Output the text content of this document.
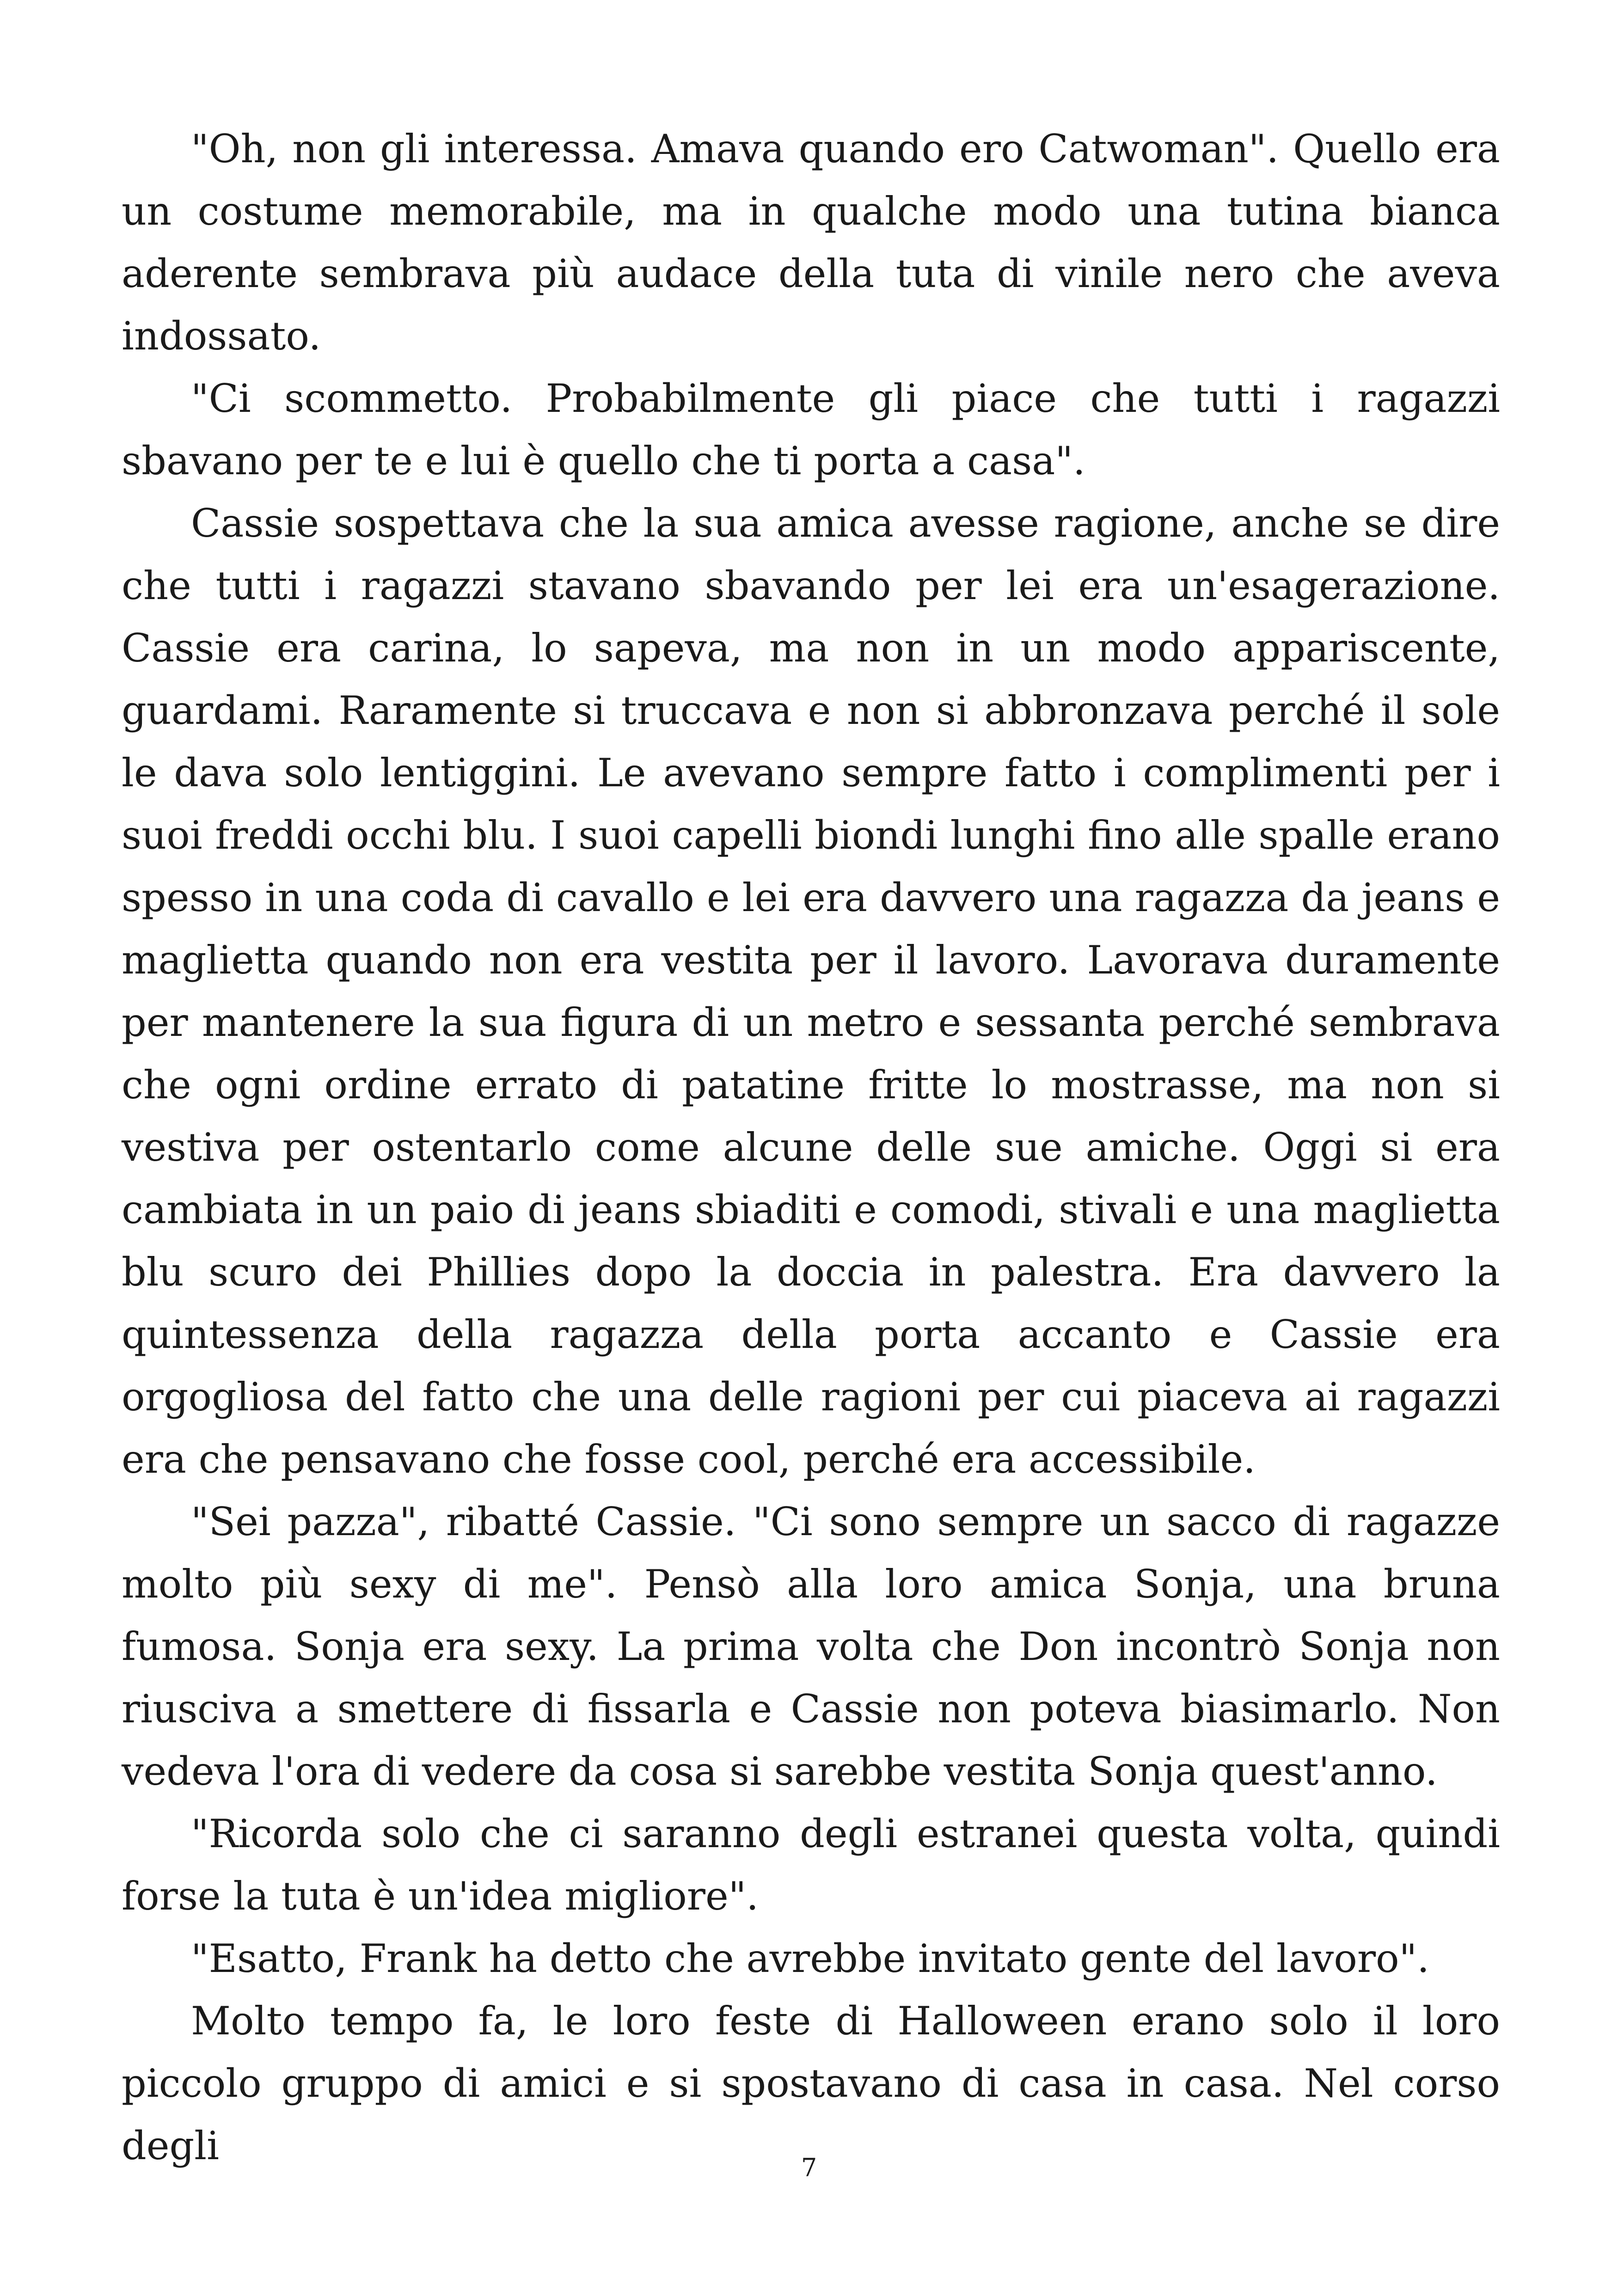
"Oh, non gli interessa. Amava quando ero Catwoman". Quello era un costume memorabile, ma in qualche modo una tutina bianca aderente sembrava più audace della tuta di vinile nero che aveva indossato.

"Ci scommetto. Probabilmente gli piace che tutti i ragazzi sbavano per te e lui è quello che ti porta a casa".

Cassie sospettava che la sua amica avesse ragione, anche se dire che tutti i ragazzi stavano sbavando per lei era un'esagerazione. Cassie era carina, lo sapeva, ma non in un modo appariscente, guardami. Raramente si truccava e non si abbronzava perché il sole le dava solo lentiggini. Le avevano sempre fatto i complimenti per i suoi freddi occhi blu. I suoi capelli biondi lunghi fino alle spalle erano spesso in una coda di cavallo e lei era davvero una ragazza da jeans e maglietta quando non era vestita per il lavoro. Lavorava duramente per mantenere la sua figura di un metro e sessanta perché sembrava che ogni ordine errato di patatine fritte lo mostrasse, ma non si vestiva per ostentarlo come alcune delle sue amiche. Oggi si era cambiata in un paio di jeans sbiaditi e comodi, stivali e una maglietta blu scuro dei Phillies dopo la doccia in palestra. Era davvero la quintessenza della ragazza della porta accanto e Cassie era orgogliosa del fatto che una delle ragioni per cui piaceva ai ragazzi era che pensavano che fosse cool, perché era accessibile.

"Sei pazza", ribatté Cassie. "Ci sono sempre un sacco di ragazze molto più sexy di me". Pensò alla loro amica Sonja, una bruna fumosa. Sonja era sexy. La prima volta che Don incontrò Sonja non riusciva a smettere di fissarla e Cassie non poteva biasimarlo. Non vedeva l'ora di vedere da cosa si sarebbe vestita Sonja quest'anno.

"Ricorda solo che ci saranno degli estranei questa volta, quindi forse la tuta è un'idea migliore".

"Esatto, Frank ha detto che avrebbe invitato gente del lavoro".

Molto tempo fa, le loro feste di Halloween erano solo il loro piccolo gruppo di amici e si spostavano di casa in casa. Nel corso degli	7
